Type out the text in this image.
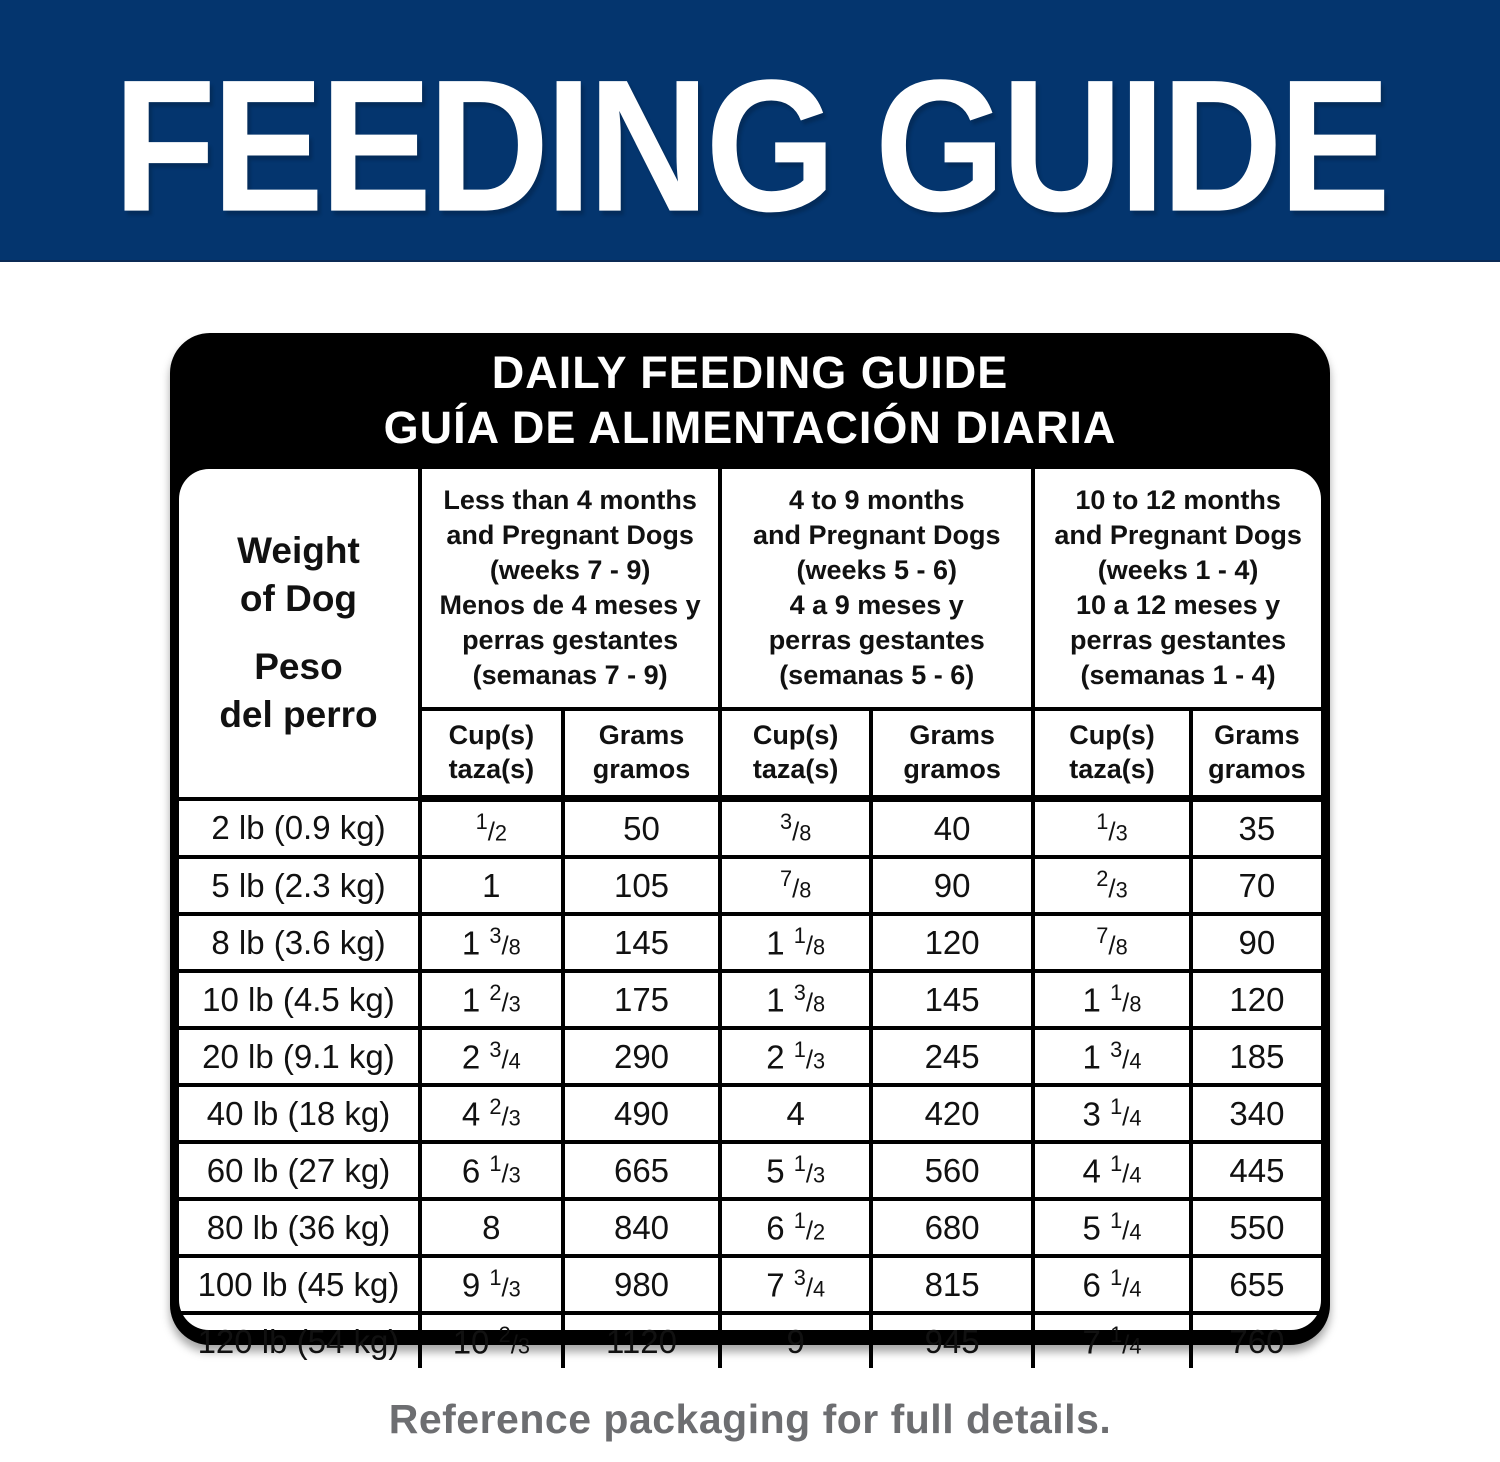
FEEDING GUIDE
DAILY FEEDING GUIDE
GUÍA DE ALIMENTACIÓN DIARIA
Weight
of Dog
Peso
del perro
	Less than 4 months
and Pregnant Dogs
(weeks 7 - 9)
Menos de 4 meses y
perras gestantes
(semanas 7 - 9)	4 to 9 months
and Pregnant Dogs
(weeks 5 - 6)
4 a 9 meses y
perras gestantes
(semanas 5 - 6)	10 to 12 months
and Pregnant Dogs
(weeks 1 - 4)
10 a 12 meses y
perras gestantes
(semanas 1 - 4)
	Cup(s)
taza(s)	Grams
gramos	Cup(s)
taza(s)	Grams
gramos	Cup(s)
taza(s)	Grams
gramos
2 lb (0.9 kg)	$^1$/2	50	$^3$/8	40	$^1$/3	35
5 lb (2.3 kg)	1	105	$^7$/8	90	$^2$/3	70
8 lb (3.6 kg)	1 $^3$/8	145	1 $^1$/8	120	$^7$/8	90
10 lb (4.5 kg)	1 $^2$/3	175	1 $^3$/8	145	1 $^1$/8	120
20 lb (9.1 kg)	2 $^3$/4	290	2 $^1$/3	245	1 $^3$/4	185
40 lb (18 kg)	4 $^2$/3	490	4	420	3 $^1$/4	340
60 lb (27 kg)	6 $^1$/3	665	5 $^1$/3	560	4 $^1$/4	445
80 lb (36 kg)	8	840	6 $^1$/2	680	5 $^1$/4	550
100 lb (45 kg)	9 $^1$/3	980	7 $^3$/4	815	6 $^1$/4	655
120 lb (54 kg)	10 $^2$/3	1120	9	945	7 $^1$/4	760
Reference packaging for full details.
